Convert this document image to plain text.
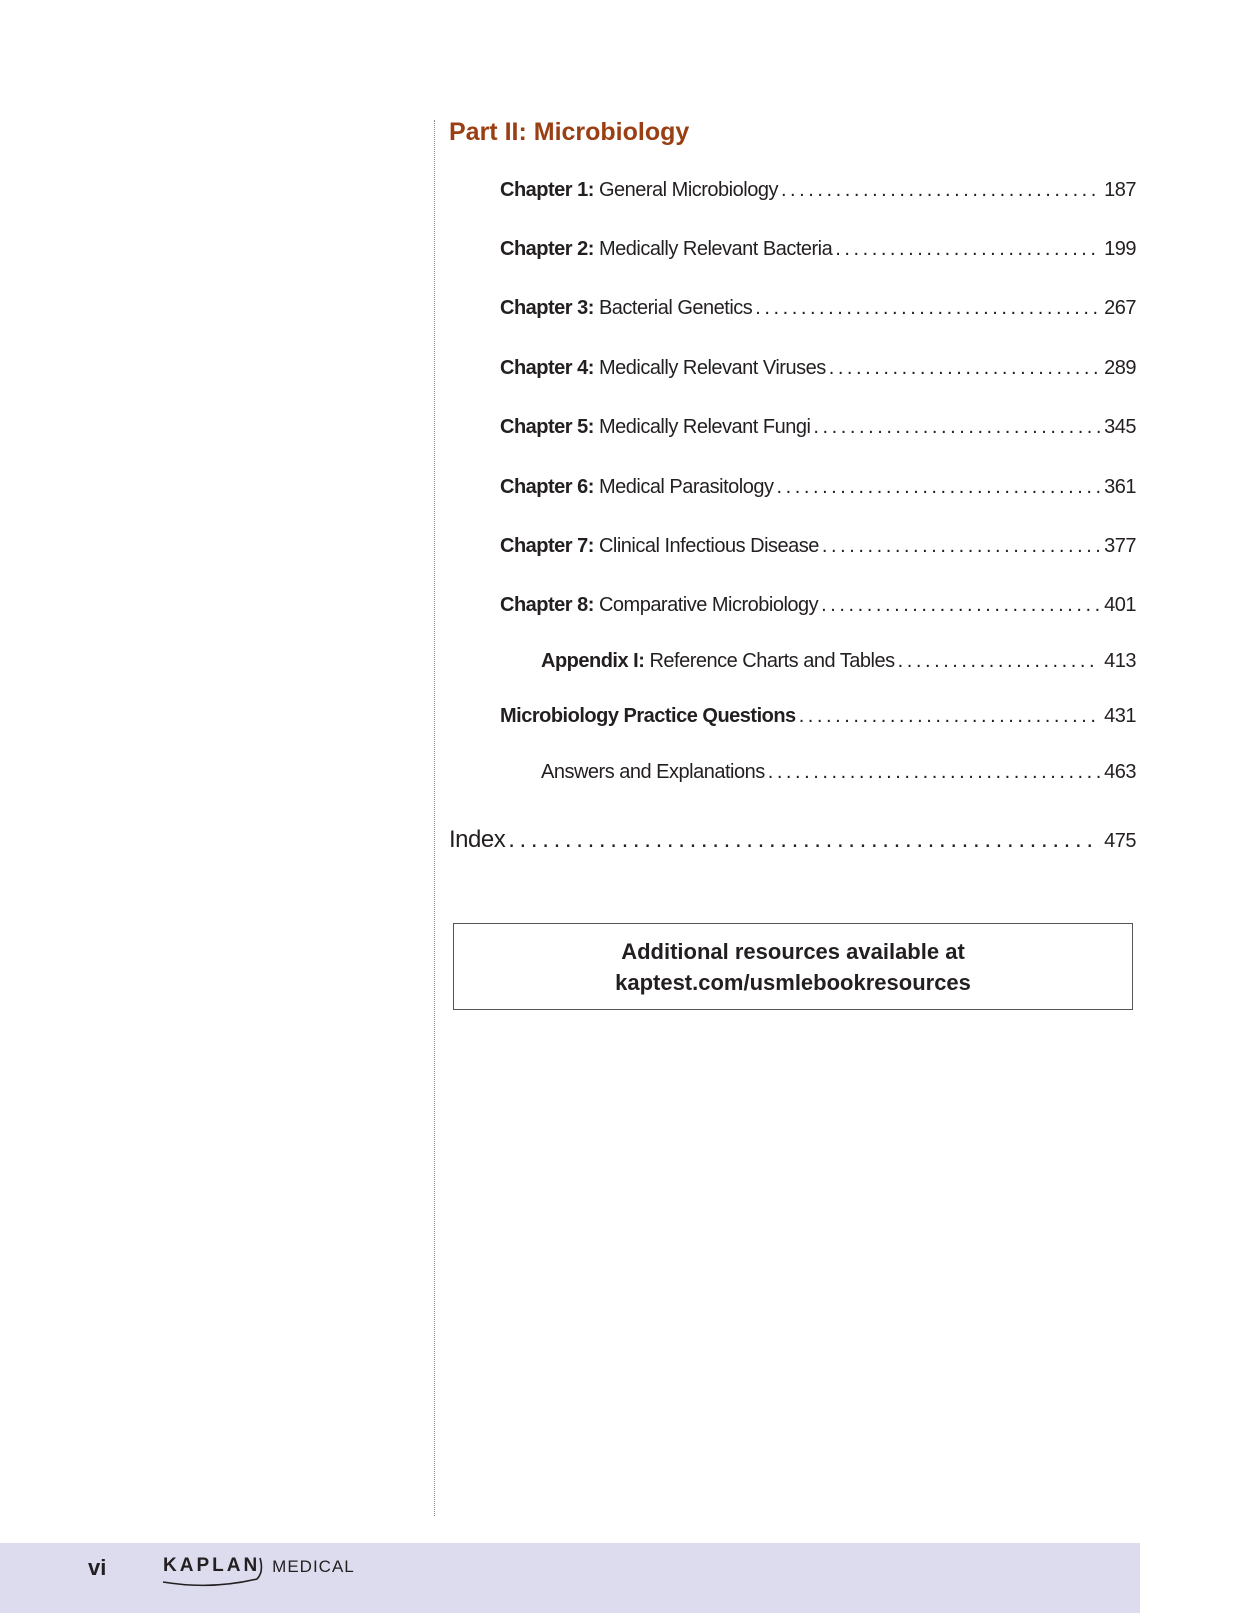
Part II: Microbiology
Chapter 1: General Microbiology . . .	187
Chapter 2: Medically Relevant Bacteria . . .	199
Chapter 3: Bacterial Genetics . . .	267
Chapter 4: Medically Relevant Viruses . . .	289
Chapter 5: Medically Relevant Fungi . . .	345
Chapter 6: Medical Parasitology . . .	361
Chapter 7: Clinical Infectious Disease . . .	377
Chapter 8: Comparative Microbiology . . .	401
Appendix I: Reference Charts and Tables . . .	413
Microbiology Practice Questions . . .	431
Answers and Explanations . . .	463
Index . . .	475
Additional resources available at
kaptest.com/usmlebookresources
vi	KAPLAN MEDICAL
